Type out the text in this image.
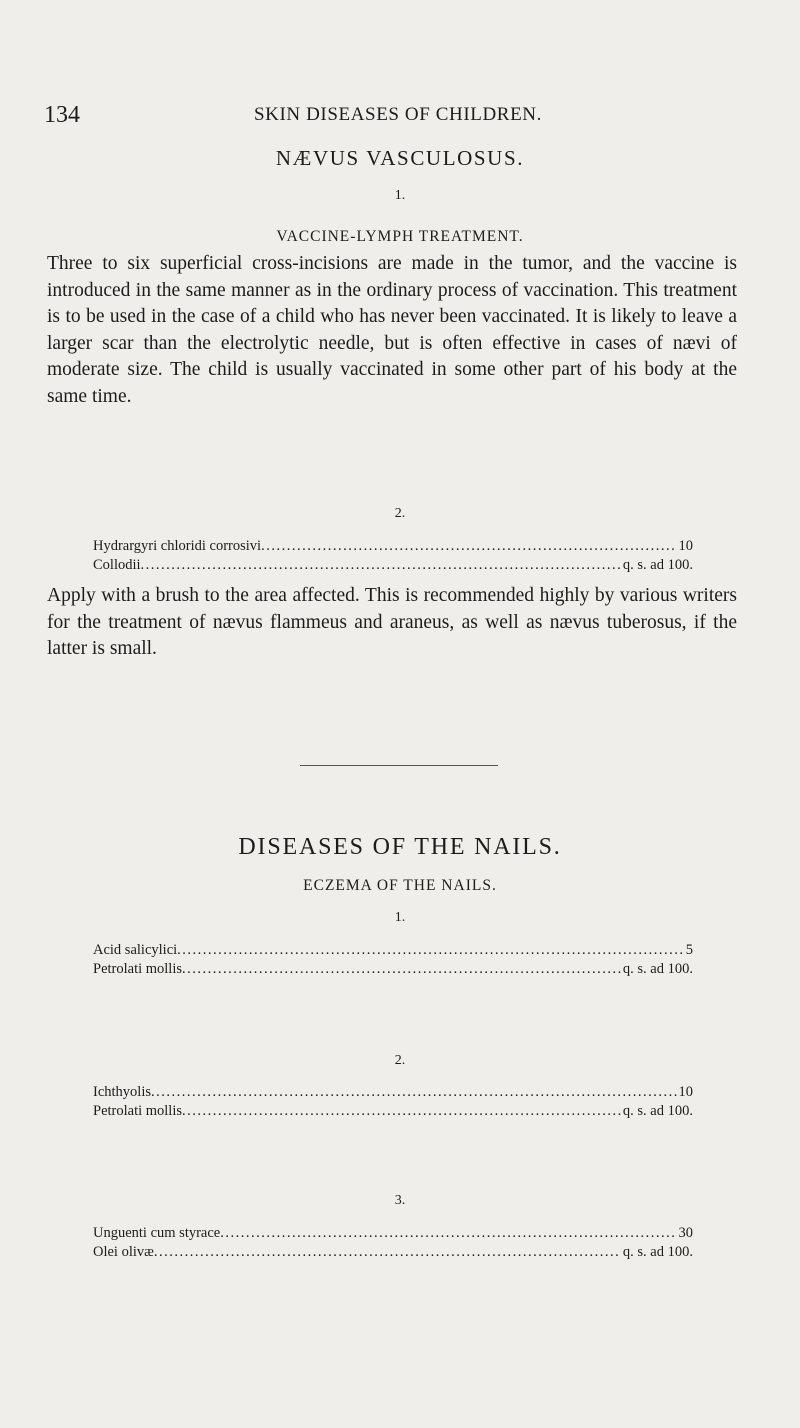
134	SKIN DISEASES OF CHILDREN.
NÆVUS VASCULOSUS.
1.
VACCINE-LYMPH TREATMENT.

Three to six superficial cross-incisions are made in the tumor, and the vaccine is introduced in the same manner as in the ordinary process of vaccination. This treatment is to be used in the case of a child who has never been vaccinated. It is likely to leave a larger scar than the electrolytic needle, but is often effective in cases of nævi of moderate size. The child is usually vaccinated in some other part of his body at the same time.

2.
Hydrargyri chloridi corrosivi .....	10
Collodii .....	q. s. ad 100.

Apply with a brush to the area affected. This is recommended highly by various writers for the treatment of nævus flammeus and araneus, as well as nævus tuberosus, if the latter is small.

DISEASES OF THE NAILS.
ECZEMA OF THE NAILS.
1.
Acid salicylici .....	5
Petrolati mollis .....	q. s. ad 100.
2.
Ichthyolis .....	10
Petrolati mollis .....	q. s. ad 100.
3.
Unguenti cum styrace .....	30
Olei olivæ .....	q. s. ad 100.
